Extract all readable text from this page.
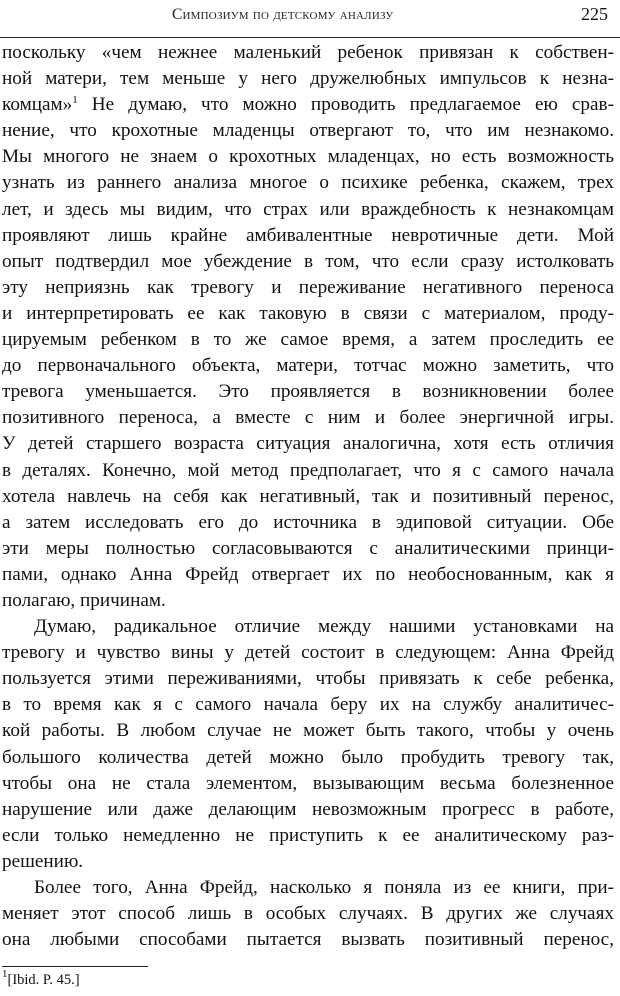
Симпозиум по детскому анализу	225
поскольку «чем нежнее маленький ребенок привязан к собствен-
ной матери, тем меньше у него дружелюбных импульсов к незна-
комцам»$^1$ Не думаю, что можно проводить предлагаемое ею срав-
нение, что крохотные младенцы отвергают то, что им незнакомо.
Мы многого не знаем о крохотных младенцах, но есть возможность
узнать из раннего анализа многое о психике ребенка, скажем, трех
лет, и здесь мы видим, что страх или враждебность к незнакомцам
проявляют лишь крайне амбивалентные невротичные дети. Мой
опыт подтвердил мое убеждение в том, что если сразу истолковать
эту неприязнь как тревогу и переживание негативного переноса
и интерпретировать ее как таковую в связи с материалом, проду-
цируемым ребенком в то же самое время, а затем проследить ее
до первоначального объекта, матери, тотчас можно заметить, что
тревога уменьшается. Это проявляется в возникновении более
позитивного переноса, а вместе с ним и более энергичной игры.
У детей старшего возраста ситуация аналогична, хотя есть отличия
в деталях. Конечно, мой метод предполагает, что я с самого начала
хотела навлечь на себя как негативный, так и позитивный перенос,
а затем исследовать его до источника в эдиповой ситуации. Обе
эти меры полностью согласовываются с аналитическими принци-
пами, однако Анна Фрейд отвергает их по необоснованным, как я
полагаю, причинам.
Думаю, радикальное отличие между нашими установками на
тревогу и чувство вины у детей состоит в следующем: Анна Фрейд
пользуется этими переживаниями, чтобы привязать к себе ребенка,
в то время как я с самого начала беру их на службу аналитичес-
кой работы. В любом случае не может быть такого, чтобы у очень
большого количества детей можно было пробудить тревогу так,
чтобы она не стала элементом, вызывающим весьма болезненное
нарушение или даже делающим невозможным прогресс в работе,
если только немедленно не приступить к ее аналитическому раз-
решению.
Более того, Анна Фрейд, насколько я поняла из ее книги, при-
меняет этот способ лишь в особых случаях. В других же случаях
она любыми способами пытается вызвать позитивный перенос,
$^1$[Ibid. P. 45.]
